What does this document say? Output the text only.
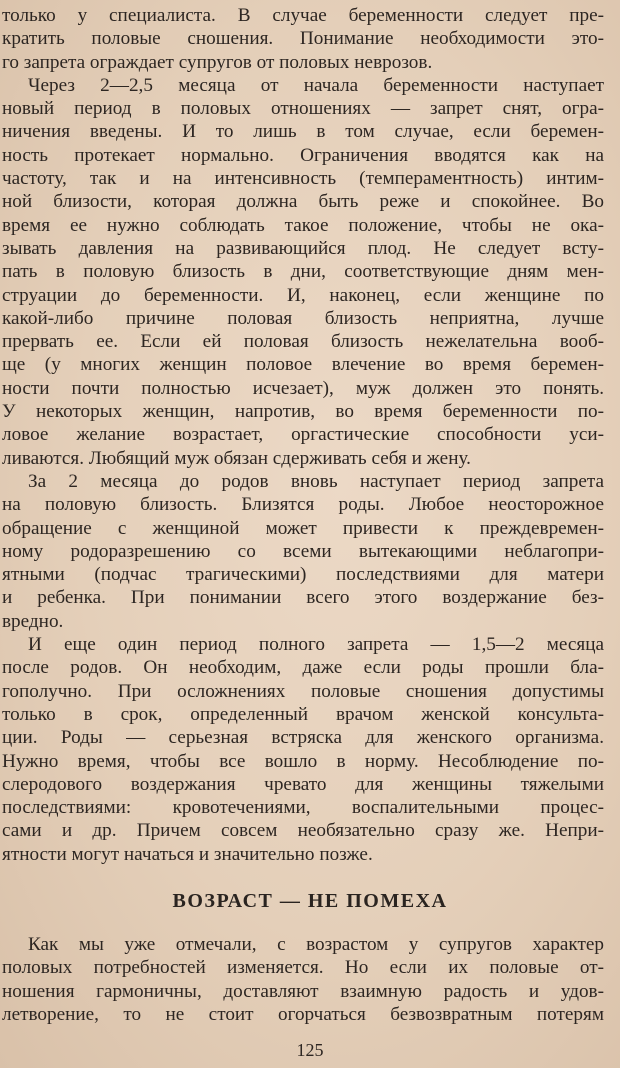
только у специалиста. В случае беременности следует пре-
кратить половые сношения. Понимание необходимости это-
го запрета ограждает супругов от половых неврозов.
Через 2—2,5 месяца от начала беременности наступает
новый период в половых отношениях — запрет снят, огра-
ничения введены. И то лишь в том случае, если беремен-
ность протекает нормально. Ограничения вводятся как на
частоту, так и на интенсивность (темпераментность) интим-
ной близости, которая должна быть реже и спокойнее. Во
время ее нужно соблюдать такое положение, чтобы не ока-
зывать давления на развивающийся плод. Не следует всту-
пать в половую близость в дни, соответствующие дням мен-
струации до беременности. И, наконец, если женщине по
какой-либо причине половая близость неприятна, лучше
прервать ее. Если ей половая близость нежелательна вооб-
ще (у многих женщин половое влечение во время беремен-
ности почти полностью исчезает), муж должен это понять.
У некоторых женщин, напротив, во время беременности по-
ловое желание возрастает, оргастические способности уси-
ливаются. Любящий муж обязан сдерживать себя и жену.
За 2 месяца до родов вновь наступает период запрета
на половую близость. Близятся роды. Любое неосторожное
обращение с женщиной может привести к преждевремен-
ному родоразрешению со всеми вытекающими неблагопри-
ятными (подчас трагическими) последствиями для матери
и ребенка. При понимании всего этого воздержание без-
вредно.
И еще один период полного запрета — 1,5—2 месяца
после родов. Он необходим, даже если роды прошли бла-
гополучно. При осложнениях половые сношения допустимы
только в срок, определенный врачом женской консульта-
ции. Роды — серьезная встряска для женского организма.
Нужно время, чтобы все вошло в норму. Несоблюдение по-
слеродового воздержания чревато для женщины тяжелыми
последствиями: кровотечениями, воспалительными процес-
сами и др. Причем совсем необязательно сразу же. Непри-
ятности могут начаться и значительно позже.
ВОЗРАСТ — НЕ ПОМЕХА
Как мы уже отмечали, с возрастом у супругов характер
половых потребностей изменяется. Но если их половые от-
ношения гармоничны, доставляют взаимную радость и удов-
летворение, то не стоит огорчаться безвозвратным потерям
125
